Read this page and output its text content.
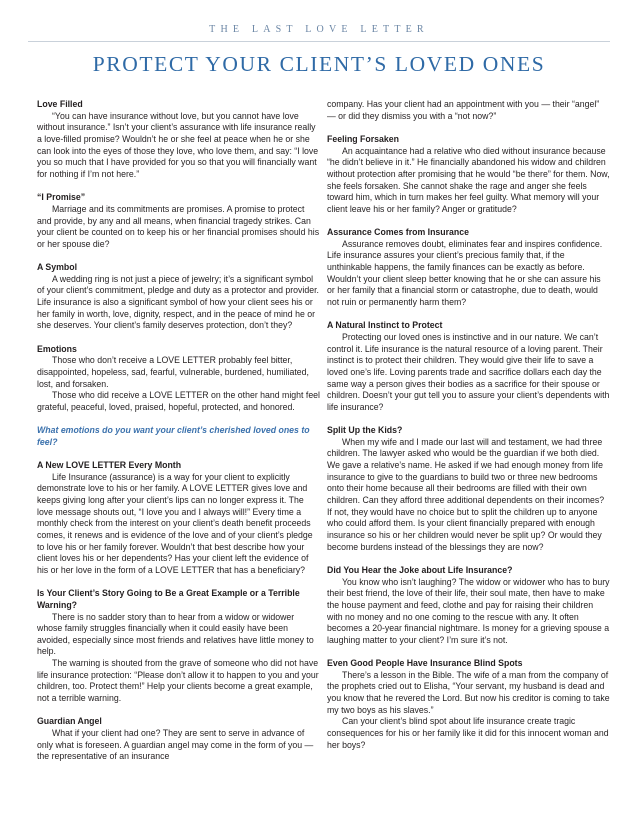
THE LAST LOVE LETTER
PROTECT YOUR CLIENT’S LOVED ONES
Love Filled
“You can have insurance without love, but you cannot have love without insurance.” Isn’t your client’s assurance with life insurance really a love-filled promise? Wouldn’t he or she feel at peace when he or she can look into the eyes of those they love, who love them, and say: “I love you so much that I have provided for you so that you will financially want for nothing if I’m not here.”
“I Promise”
Marriage and its commitments are promises. A promise to protect and provide, by any and all means, when financial tragedy strikes. Can your client be counted on to keep his or her financial promises should his or her spouse die?
A Symbol
A wedding ring is not just a piece of jewelry; it’s a significant symbol of your client’s commitment, pledge and duty as a protector and provider. Life insurance is also a significant symbol of how your client sees his or her family in worth, love, dignity, respect, and in the peace of mind he or she deserves. Your client’s family deserves protection, don’t they?
Emotions
Those who don’t receive a LOVE LETTER probably feel bitter, disappointed, hopeless, sad, fearful, vulnerable, burdened, humiliated, lost, and forsaken.
Those who did receive a LOVE LETTER on the other hand might feel grateful, peaceful, loved, praised, hopeful, protected, and honored.
What emotions do you want your client’s cherished loved ones to feel?
A New LOVE LETTER Every Month
Life Insurance (assurance) is a way for your client to explicitly demonstrate love to his or her family. A LOVE LETTER gives love and keeps giving long after your client’s lips can no longer express it. The love message shouts out, “I love you and I always will!” Every time a monthly check from the interest on your client’s death benefit proceeds comes, it renews and is evidence of the love and of your client’s pledge to love his or her family forever. Wouldn’t that best describe how your client loves his or her dependents? Has your client left the evidence of his or her love in the form of a LOVE LETTER that has a beneficiary?
Is Your Client’s Story Going to Be a Great Example or a Terrible Warning?
There is no sadder story than to hear from a widow or widower whose family struggles financially when it could easily have been avoided, especially since most friends and relatives have little money to help.
The warning is shouted from the grave of someone who did not have life insurance protection: “Please don’t allow it to happen to you and your children, too. Protect them!” Help your clients become a great example, not a terrible warning.
Guardian Angel
What if your client had one? They are sent to serve in advance of only what is foreseen. A guardian angel may come in the form of you — the representative of an insurance
company. Has your client had an appointment with you — their “angel” — or did they dismiss you with a “not now?”
Feeling Forsaken
An acquaintance had a relative who died without insurance because “he didn’t believe in it.” He financially abandoned his widow and children without protection after promising that he would “be there” for them. Now, she feels forsaken. She cannot shake the rage and anger she feels toward him, which in turn makes her feel guilty. What memory will your client leave his or her family? Anger or gratitude?
Assurance Comes from Insurance
Assurance removes doubt, eliminates fear and inspires confidence. Life insurance assures your client’s precious family that, if the unthinkable happens, the family finances can be exactly as before. Wouldn’t your client sleep better knowing that he or she can assure his or her family that a financial storm or catastrophe, due to death, would not ruin or permanently harm them?
A Natural Instinct to Protect
Protecting our loved ones is instinctive and in our nature. We can’t control it. Life insurance is the natural resource of a loving parent. Their instinct is to protect their children. They would give their life to save a loved one’s life. Loving parents trade and sacrifice dollars each day the same way a person gives their bodies as a sacrifice for their spouse or children. Doesn’t your gut tell you to assure your client’s dependents with life insurance?
Split Up the Kids?
When my wife and I made our last will and testament, we had three children. The lawyer asked who would be the guardian if we both died. We gave a relative’s name. He asked if we had enough money from life insurance to give to the guardians to build two or three new bedrooms onto their home because all their bedrooms are filled with their own children. Can they afford three additional dependents on their incomes? If not, they would have no choice but to split the children up to anyone who could afford them. Is your client financially prepared with enough insurance so his or her children would never be split up? Or would they become burdens instead of the blessings they are now?
Did You Hear the Joke about Life Insurance?
You know who isn’t laughing? The widow or widower who has to bury their best friend, the love of their life, their soul mate, then have to make the house payment and feed, clothe and pay for raising their children with no money and no one coming to the rescue with any. It often becomes a 20-year financial nightmare. Is money for a grieving spouse a laughing matter to your client? I’m sure it’s not.
Even Good People Have Insurance Blind Spots
There’s a lesson in the Bible. The wife of a man from the company of the prophets cried out to Elisha, “Your servant, my husband is dead and you know that he revered the Lord. But now his creditor is coming to take my two boys as his slaves.”
Can your client’s blind spot about life insurance create tragic consequences for his or her family like it did for this innocent woman and her boys?
